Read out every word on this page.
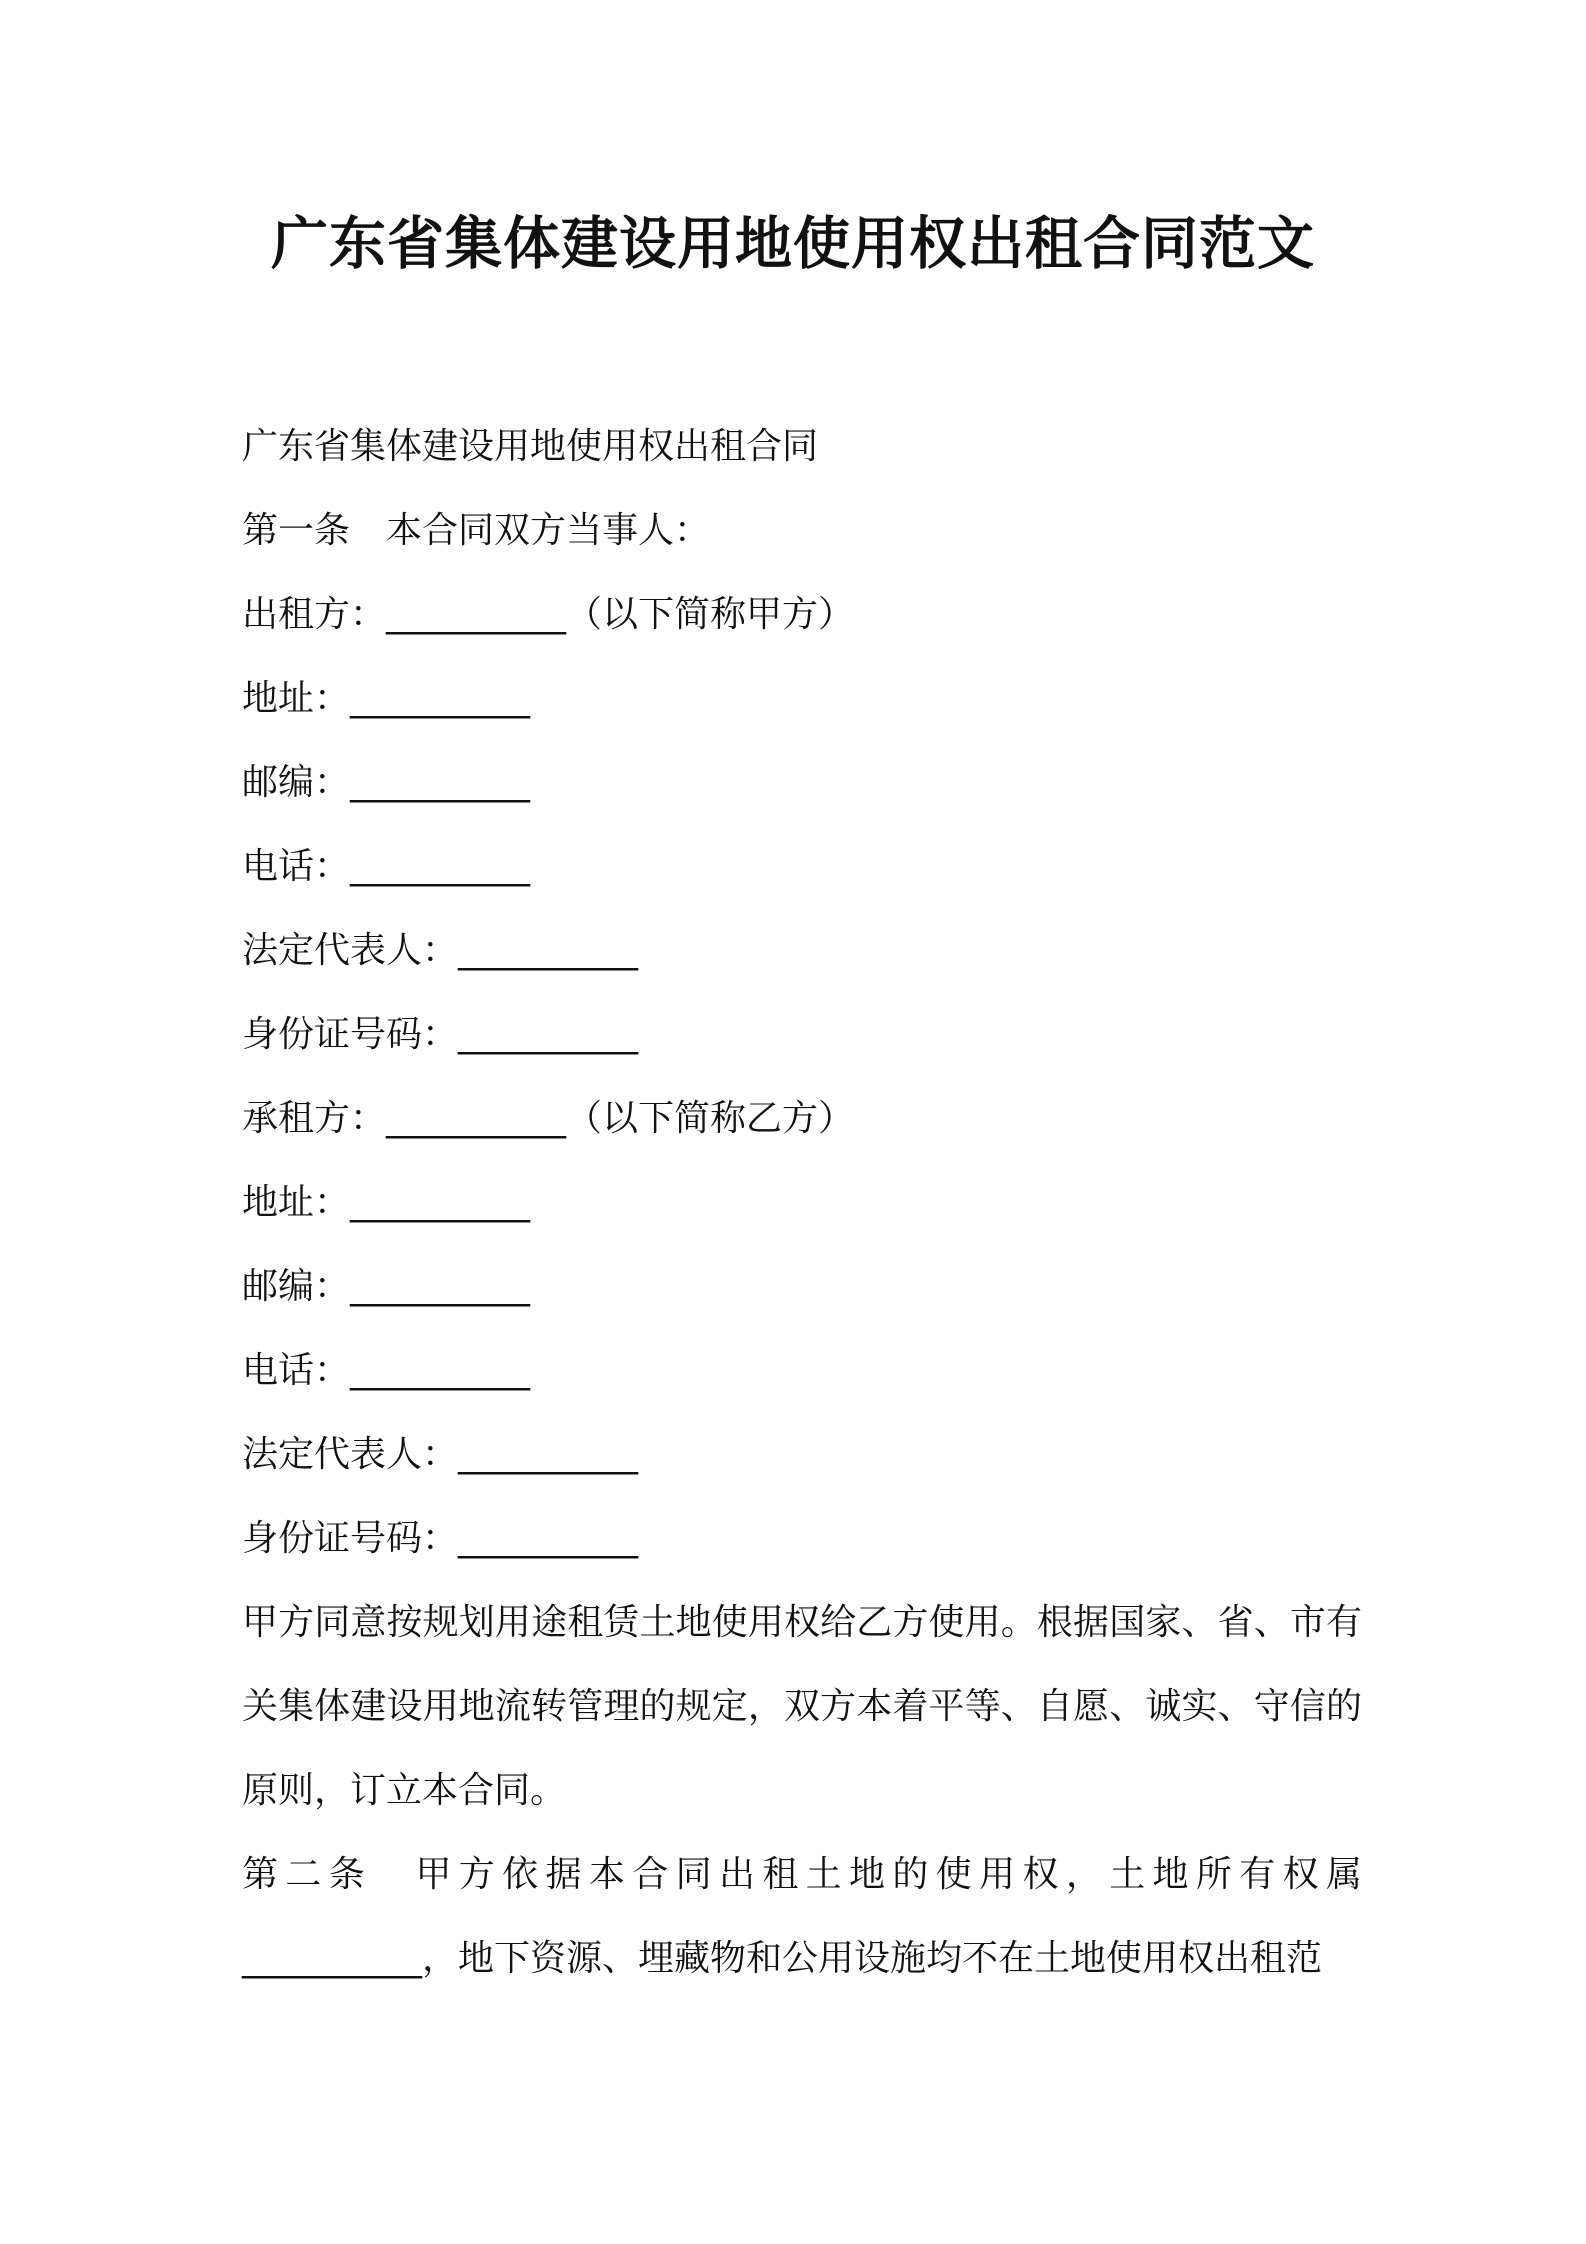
广东省集体建设用地使用权出租合同范文

广东省集体建设用地使用权出租合同

第一条　本合同双方当事人：

出租方：__________（以下简称甲方）

地址：__________

邮编：__________

电话：__________

法定代表人：__________

身份证号码：__________

承租方：__________（以下简称乙方）

地址：__________

邮编：__________

电话：__________

法定代表人：__________

身份证号码：__________

甲方同意按规划用途租赁土地使用权给乙方使用。根据国家、省、市有关集体建设用地流转管理的规定，双方本着平等、自愿、诚实、守信的原则，订立本合同。

第二条　甲方依据本合同出租土地的使用权，土地所有权属__________，地下资源、埋藏物和公用设施均不在土地使用权出租范
